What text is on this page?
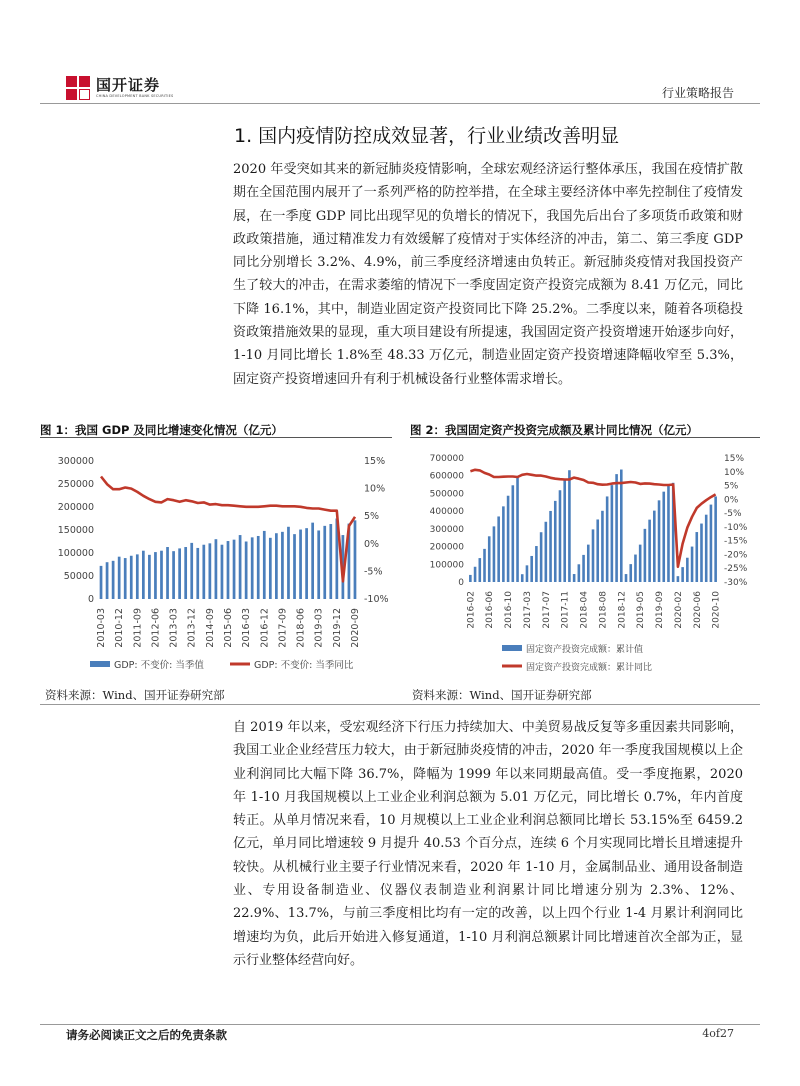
国开证券
CHINA DEVELOPMENT BANK SECURITIES	行业策略报告
1. 国内疫情防控成效显著，行业业绩改善明显

2020 年受突如其来的新冠肺炎疫情影响，全球宏观经济运行整体承压，我国在疫情扩散期在全国范围内展开了一系列严格的防控举措，在全球主要经济体中率先控制住了疫情发展，在一季度 GDP 同比出现罕见的负增长的情况下，我国先后出台了多项货币政策和财政政策措施，通过精准发力有效缓解了疫情对于实体经济的冲击，第二、第三季度 GDP 同比分别增长 3.2%、4.9%，前三季度经济增速由负转正。新冠肺炎疫情对我国投资产生了较大的冲击，在需求萎缩的情况下一季度固定资产投资完成额为 8.41 万亿元，同比下降 16.1%，其中，制造业固定资产投资同比下降 25.2%。二季度以来，随着各项稳投资政策措施效果的显现，重大项目建设有所提速，我国固定资产投资增速开始逐步向好，1-10 月同比增长 1.8%至 48.33 万亿元，制造业固定资产投资增速降幅收窄至 5.3%，固定资产投资增速回升有利于机械设备行业整体需求增长。

图 1：我国 GDP 及同比增速变化情况（亿元）	图 2：我国固定资产投资完成额及累计同比情况（亿元）
0
50000
100000
150000
200000
250000
300000
-10%
-5%
0%
5%
10%
15%
2010-03 2010-12 2011-09 2012-06 2013-03 2013-12 2014-09 2015-06 2016-03 2016-12 2017-09 2018-06 2019-03 2019-12 2020-09
GDP: 不变价: 当季值	GDP: 不变价: 当季同比
0
100000
200000
300000
400000
500000
600000
700000
-30%
-25%
-20%
-15%
-10%
-5%
0%
5%
10%
15%
2016-02 2016-06 2016-10 2017-03 2017-07 2017-11 2018-04 2018-08 2018-12 2019-05 2019-09 2020-02 2020-06 2020-10
固定资产投资完成额：累计值
固定资产投资完成额：累计同比
资料来源：Wind、国开证券研究部	资料来源：Wind、国开证券研究部

自 2019 年以来，受宏观经济下行压力持续加大、中美贸易战反复等多重因素共同影响，我国工业企业经营压力较大，由于新冠肺炎疫情的冲击，2020 年一季度我国规模以上企业利润同比大幅下降 36.7%，降幅为 1999 年以来同期最高值。受一季度拖累，2020 年 1-10 月我国规模以上工业企业利润总额为 5.01 万亿元，同比增长 0.7%，年内首度转正。从单月情况来看，10 月规模以上工业企业利润总额同比增长 53.15%至 6459.2 亿元，单月同比增速较 9 月提升 40.53 个百分点，连续 6 个月实现同比增长且增速提升较快。从机械行业主要子行业情况来看，2020 年 1-10 月，金属制品业、通用设备制造业、专用设备制造业、仪器仪表制造业利润累计同比增速分别为 2.3%、12%、22.9%、13.7%，与前三季度相比均有一定的改善，以上四个行业 1-4 月累计利润同比增速均为负，此后开始进入修复通道，1-10 月利润总额累计同比增速首次全部为正，显示行业整体经营向好。

请务必阅读正文之后的免责条款	4of27
